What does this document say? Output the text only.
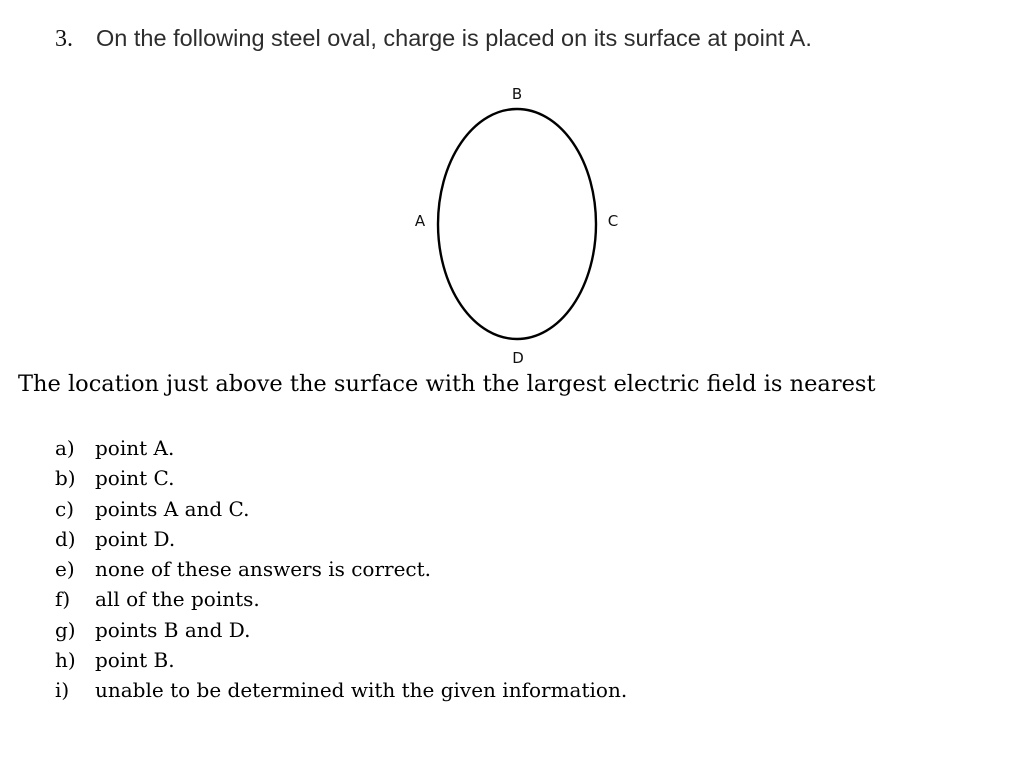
3. On the following steel oval, charge is placed on its surface at point A.
B
A	C
D
The location just above the surface with the largest electric field is nearest
a) point A.
b) point C.
c) points A and C.
d) point D.
e) none of these answers is correct.
f) all of the points.
g) points B and D.
h) point B.
i) unable to be determined with the given information.
